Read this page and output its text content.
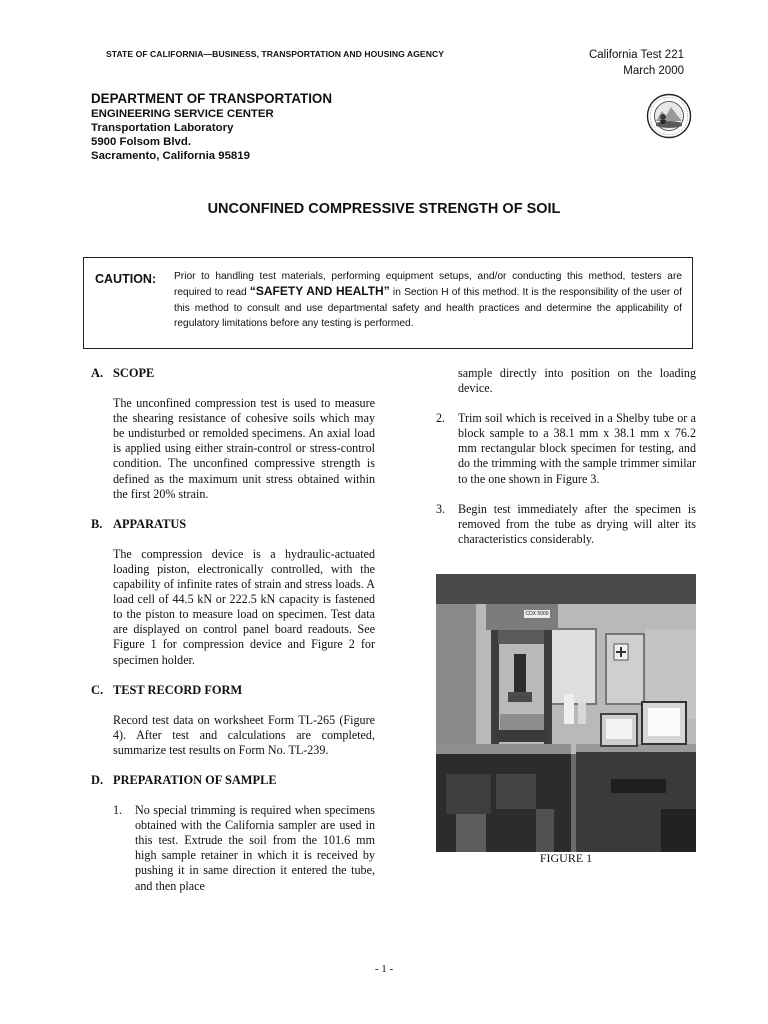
STATE OF CALIFORNIA—BUSINESS, TRANSPORTATION AND HOUSING AGENCY	California Test 221
March 2000
DEPARTMENT OF TRANSPORTATION
ENGINEERING SERVICE CENTER
Transportation Laboratory
5900 Folsom Blvd.
Sacramento, California 95819
UNCONFINED COMPRESSIVE STRENGTH OF SOIL
CAUTION: Prior to handling test materials, performing equipment setups, and/or conducting this method, testers are required to read “SAFETY AND HEALTH” in Section H of this method. It is the responsibility of the user of this method to consult and use departmental safety and health practices and determine the applicability of regulatory limitations before any testing is performed.
A. SCOPE
The unconfined compression test is used to measure the shearing resistance of cohesive soils which may be undisturbed or remolded specimens. An axial load is applied using either strain-control or stress-control condition. The unconfined compressive strength is defined as the maximum unit stress obtained within the first 20% strain.
B. APPARATUS
The compression device is a hydraulic-actuated loading piston, electronically controlled, with the capability of infinite rates of strain and stress loads. A load cell of 44.5 kN or 222.5 kN capacity is fastened to the piston to measure load on specimen. Test data are displayed on control panel board readouts. See Figure 1 for compression device and Figure 2 for specimen holder.
C. TEST RECORD FORM
Record test data on worksheet Form TL-265 (Figure 4). After test and calculations are completed, summarize test results on Form No. TL-239.
D. PREPARATION OF SAMPLE
1.	No special trimming is required when specimens obtained with the California sampler are used in this test. Extrude the soil from the 101.6 mm high sample retainer in which it is received by pushing it in same direction it entered the tube, and then place
sample directly into position on the loading device.
2.	Trim soil which is received in a Shelby tube or a block sample to a 38.1 mm x 38.1 mm x 76.2 mm rectangular block specimen for testing, and do the trimming with the sample trimmer similar to the one shown in Figure 3.
3.	Begin test immediately after the specimen is removed from the tube as drying will alter its characteristics considerably.
CDX 5000
FIGURE 1
- 1 -
